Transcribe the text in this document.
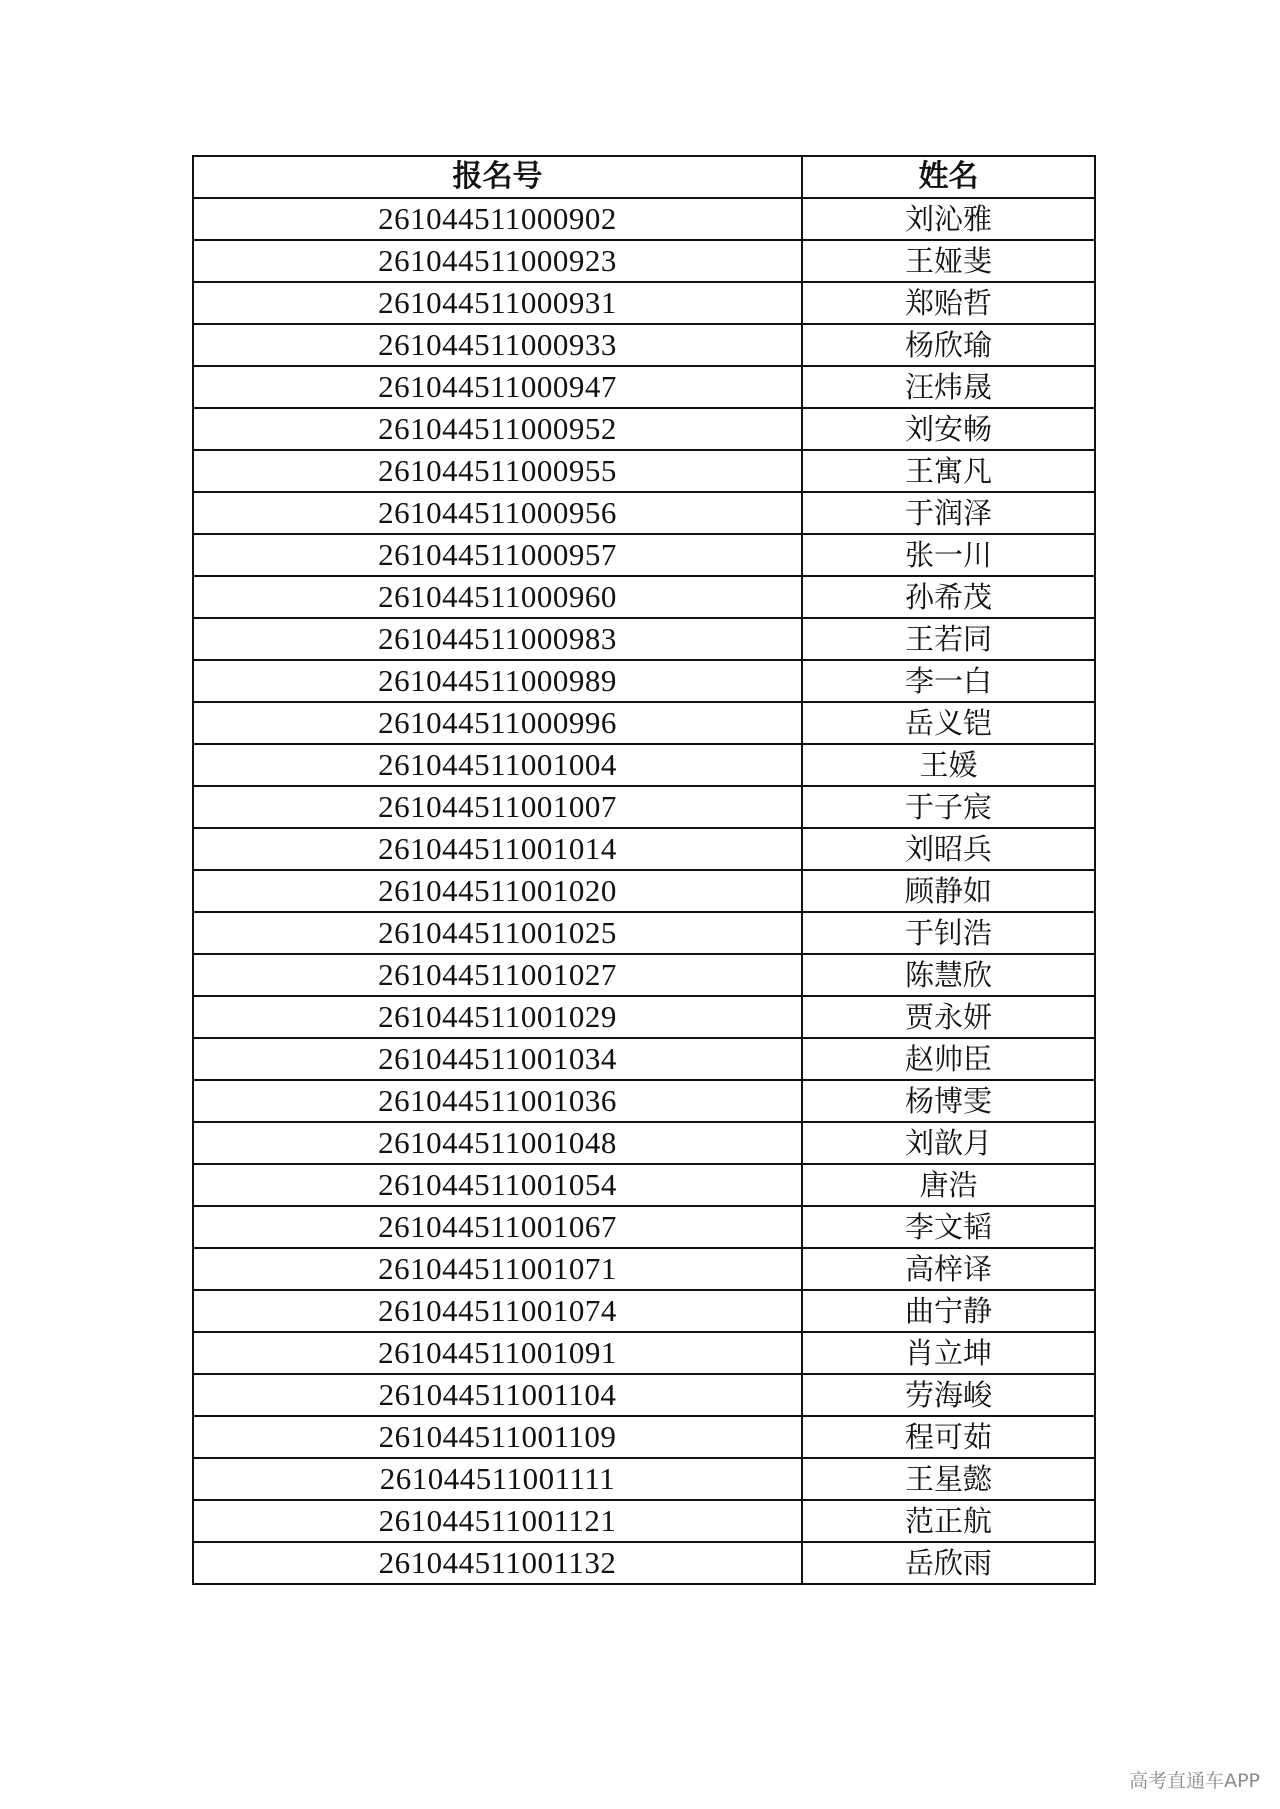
报名号	姓名
261044511000902	刘沁雅
261044511000923	王娅斐
261044511000931	郑贻哲
261044511000933	杨欣瑜
261044511000947	汪炜晟
261044511000952	刘安畅
261044511000955	王寓凡
261044511000956	于润泽
261044511000957	张一川
261044511000960	孙希茂
261044511000983	王若同
261044511000989	李一白
261044511000996	岳义铠
261044511001004	王媛
261044511001007	于子宸
261044511001014	刘昭兵
261044511001020	顾静如
261044511001025	于钊浩
261044511001027	陈慧欣
261044511001029	贾永妍
261044511001034	赵帅臣
261044511001036	杨博雯
261044511001048	刘歆月
261044511001054	唐浩
261044511001067	李文韬
261044511001071	高梓译
261044511001074	曲宁静
261044511001091	肖立坤
261044511001104	劳海峻
261044511001109	程可茹
261044511001111	王星懿
261044511001121	范正航
261044511001132	岳欣雨
高考直通车APP
